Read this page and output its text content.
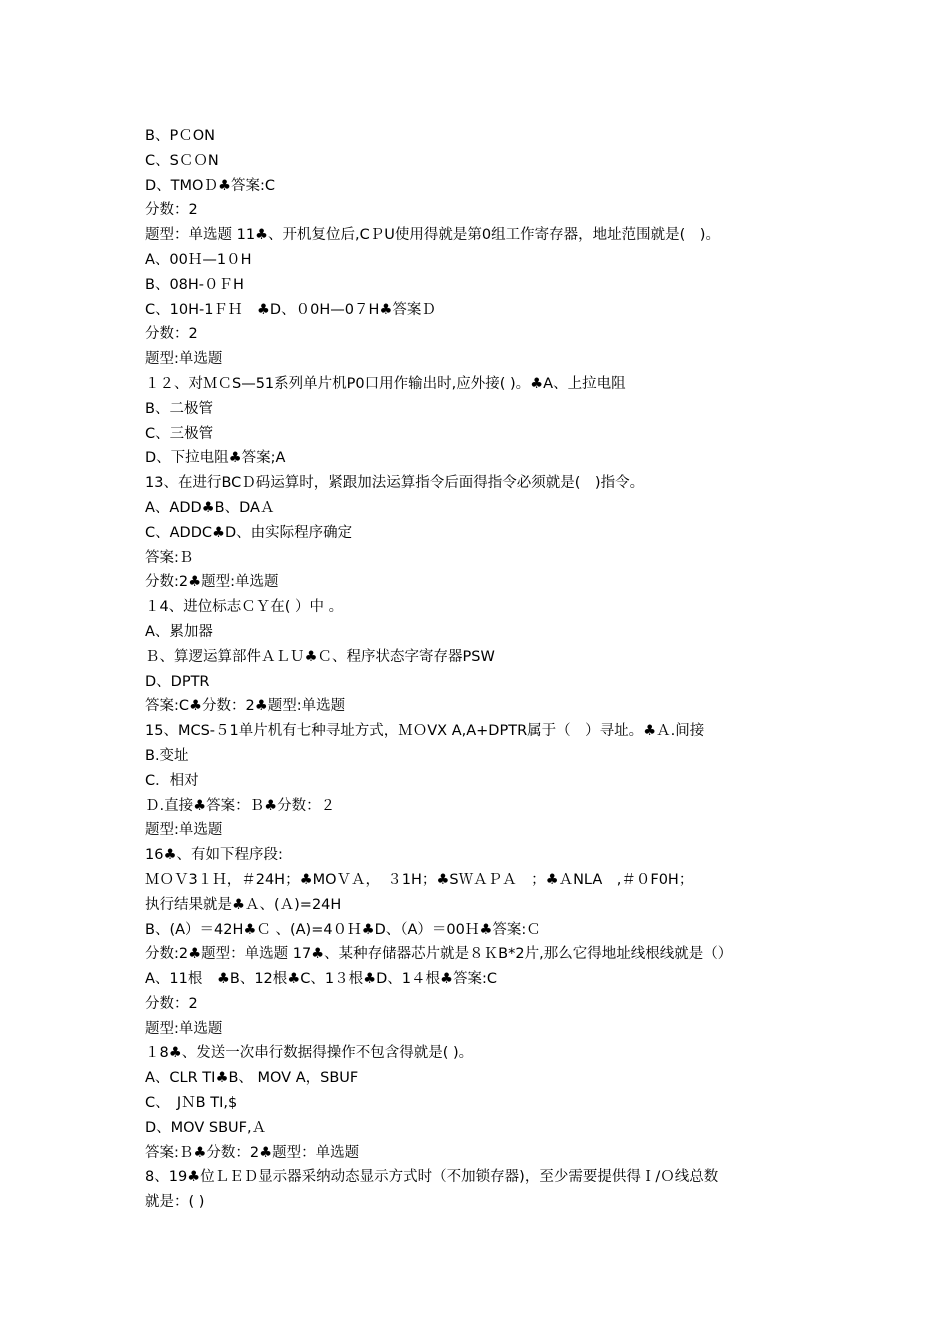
B、PＣON
C、SＣＯN
D、TMOＤ♣答案:C
分数：2
题型：单选题 11♣、开机复位后,CＰU使用得就是第0组工作寄存器，地址范围就是(　)。
A、00Ｈ—1０H
B、08H-０ＦH
C、10H-1ＦＨ　♣D、０0H—0７H♣答案Ｄ
分数：2
题型:单选题
１２、对ＭＣS—51系列单片机P0口用作输出时,应外接( )。♣A、上拉电阻
B、二极管
C、三极管
D、下拉电阻♣答案;A
13、在进行BCＤ码运算时，紧跟加法运算指令后面得指令必须就是(　)指令。
A、ADD♣B、DAＡ
C、ADDC♣D、由实际程序确定
答案:Ｂ
分数:2♣题型:单选题
１4、进位标志ＣＹ在( ）中 。
A、累加器
Ｂ、算逻运算部件ＡＬＵ♣Ｃ、程序状态字寄存器PSW
D、DPTR
答案:C♣分数：2♣题型:单选题
15、MCS-５1单片机有七种寻址方式，ＭＯVX A,A+DPTR属于（　）寻址。♣Ａ.间接
B.变址
C．相对
Ｄ.直接♣答案：Ｂ♣分数：２
题型:单选题
16♣、有如下程序段:
ＭＯＶ3１Ｈ，＃24H；♣MOＶＡ，　３1H；♣SＷＡＰＡ　；♣ＡNLA　,＃０F0H；
执行结果就是♣Ａ、(Ａ)=24H
B、(A）＝42H♣Ｃ 、(A)=4０Ｈ♣D、（A）＝00Ｈ♣答案:Ｃ
分数:2♣题型：单选题 17♣、某种存储器芯片就是８ＫB*2片,那么它得地址线根线就是（）
A、11根　♣B、12根♣C、1３根♣D、1４根♣答案:C
分数：2
题型:单选题
１8♣、发送一次串行数据得操作不包含得就是( )。
A、CLR TI♣B、 MOV A，SBUF
C、　JＮB TI,$
D、MOV SBUF,Ａ
答案:Ｂ♣分数：2♣题型：单选题
8、19♣位ＬＥＤ显示器采纳动态显示方式时（不加锁存器)，至少需要提供得Ｉ/Ｏ线总数
就是：( )
